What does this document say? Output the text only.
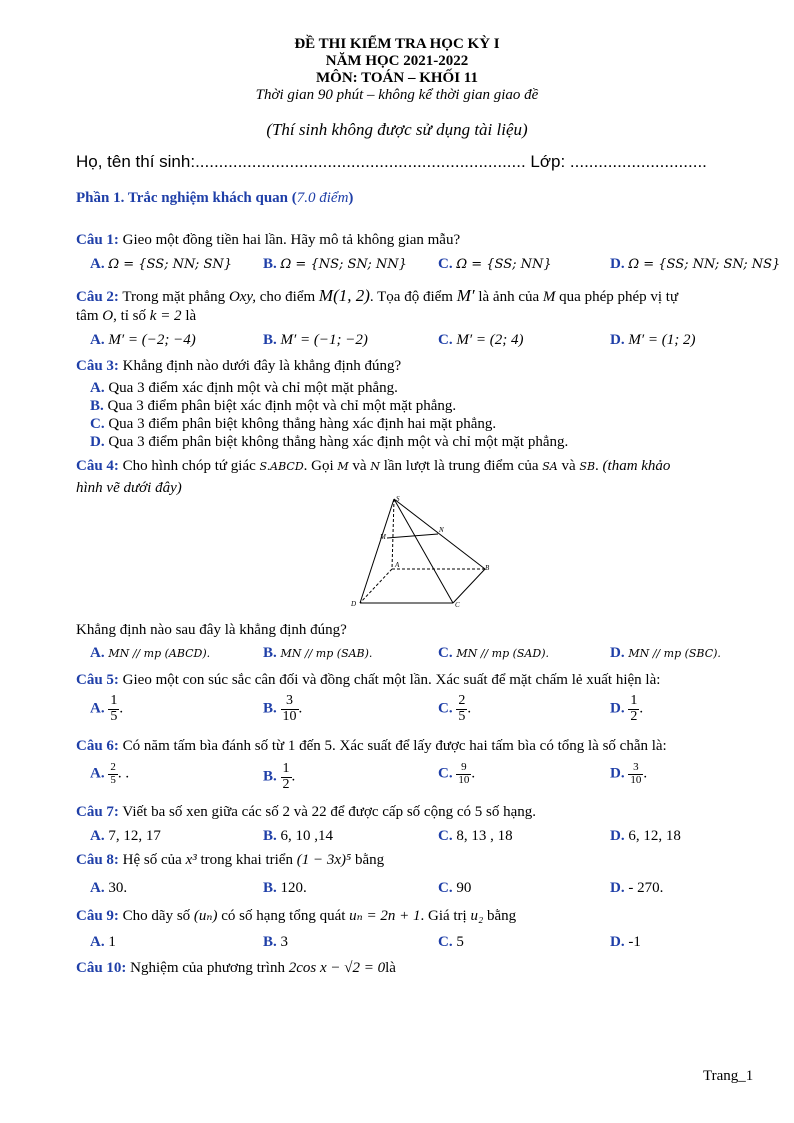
ĐỀ THI KIỂM TRA HỌC KỲ I
NĂM HỌC 2021-2022
MÔN: TOÁN – KHỐI 11
Thời gian 90 phút – không kể thời gian giao đề
(Thí sinh không được sử dụng tài liệu)
Họ, tên thí sinh:...................................................................... Lớp: .............................
Phần 1. Trắc nghiệm khách quan (7.0 điểm)
Câu 1: Gieo một đồng tiền hai lần. Hãy mô tả không gian mẫu?
A. Ω = {SS; NN; SN} B. Ω = {NS; SN; NN} C. Ω = {SS; NN}	D. Ω = {SS; NN; SN; NS}
Câu 2: Trong mặt phẳng Oxy, cho điểm M(1, 2). Tọa độ điểm M′ là ảnh của M qua phép phép vị tự
tâm O, tỉ số k = 2 là
A. M′ = (−2; −4)	B. M′ = (−1; −2)	C. M′ = (2; 4)	D. M′ = (1; 2)
Câu 3: Khẳng định nào dưới đây là khẳng định đúng?
A. Qua 3 điểm xác định một và chỉ một mặt phẳng.
B. Qua 3 điểm phân biệt xác định một và chỉ một mặt phẳng.
C. Qua 3 điểm phân biệt không thẳng hàng xác định hai mặt phẳng.
D. Qua 3 điểm phân biệt không thẳng hàng xác định một và chỉ một mặt phẳng.
Câu 4: Cho hình chóp tứ giác S.ABCD. Gọi M và N lần lượt là trung điểm của SA và SB. (tham khảo
hình vẽ dưới đây)
S
M
N
A	B
C
D
Khẳng định nào sau đây là khẳng định đúng?
A. MN // mp (ABCD).	B. MN // mp (SAB).	C. MN // mp (SAD).	D. MN // mp (SBC).
Câu 5: Gieo một con súc sắc cân đối và đồng chất một lần. Xác suất để mặt chấm lẻ xuất hiện là:
A. $\frac{1}{5}$ .	B. $\frac{3}{10}$ .	C. $\frac{2}{5}$ .	D. $\frac{1}{2}$ .
Câu 6: Có năm tấm bìa đánh số từ 1 đến 5. Xác suất để lấy được hai tấm bìa có tổng là số chẵn là:
A. $\frac{2}{5}$ . .	B. $\frac{1}{2}$ .	C. $\frac{9}{10}$ .	D. $\frac{3}{10}$ .
Câu 7: Viết ba số xen giữa các số 2 và 22 để được cấp số cộng có 5 số hạng.
A. 7, 12, 17	B. 6, 10 ,14	C. 8, 13 , 18	D. 6, 12, 18
Câu 8: Hệ số của x³ trong khai triển (1 − 3x)⁵ bằng
A. 30.	B. 120.	C. 90	D. - 270.
Câu 9: Cho dãy số (uₙ) có số hạng tổng quát uₙ = 2n + 1. Giá trị u₂ bằng
A. 1	B. 3	C. 5	D. -1
Câu 10: Nghiệm của phương trình 2cos x − √2 = 0là
Trang_1
